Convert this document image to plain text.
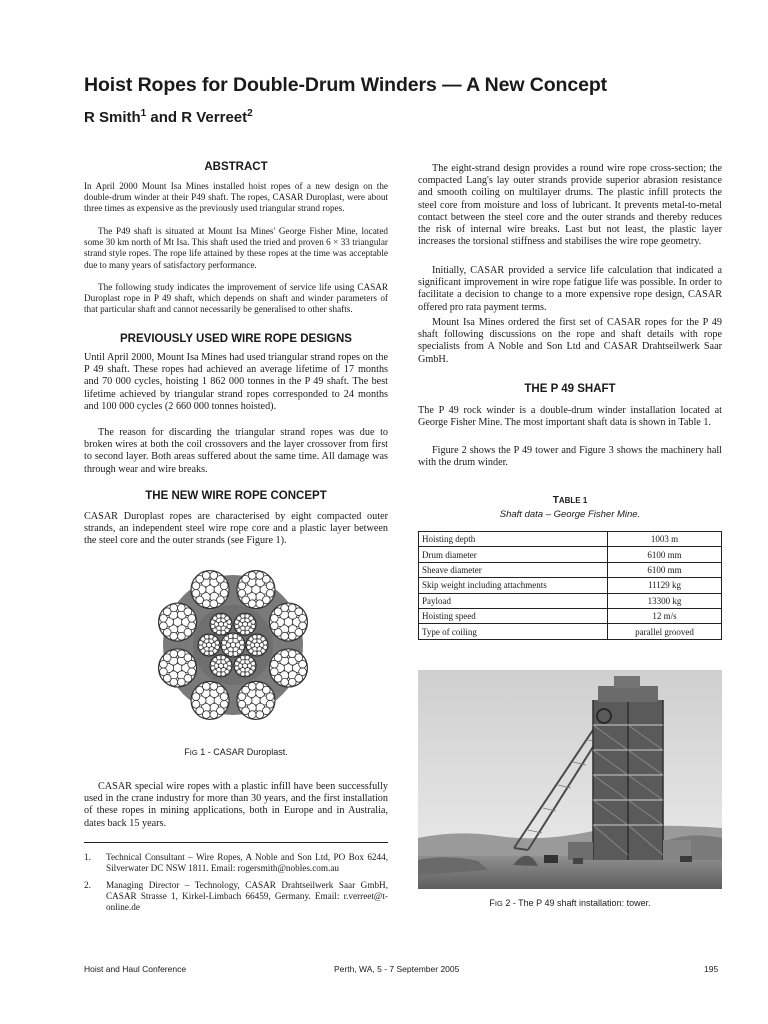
Hoist Ropes for Double-Drum Winders — A New Concept
R Smith$^1$ and R Verreet$^2$
ABSTRACT

In April 2000 Mount Isa Mines installed hoist ropes of a new design on the double-drum winder at their P49 shaft. The ropes, CASAR Duroplast, were about three times as expensive as the previously used triangular strand ropes.

The P49 shaft is situated at Mount Isa Mines' George Fisher Mine, located some 30 km north of Mt Isa. This shaft used the tried and proven 6 × 33 triangular strand style ropes. The rope life attained by these ropes at the time was acceptable due to many years of satisfactory performance.

The following study indicates the improvement of service life using CASAR Duroplast rope in P 49 shaft, which depends on shaft and winder parameters of that particular shaft and cannot necessarily be generalised to other shafts.

PREVIOUSLY USED WIRE ROPE DESIGNS

Until April 2000, Mount Isa Mines had used triangular strand ropes on the P 49 shaft. These ropes had achieved an average lifetime of 17 months and 70 000 cycles, hoisting 1 862 000 tonnes in the P 49 shaft. The best lifetime achieved by triangular strand ropes corresponded to 24 months and 100 000 cycles (2 660 000 tonnes hoisted).

The reason for discarding the triangular strand ropes was due to broken wires at both the coil crossovers and the layer crossover from first to second layer. Both areas suffered about the same time. All damage was through wear and wire breaks.

THE NEW WIRE ROPE CONCEPT

CASAR Duroplast ropes are characterised by eight compacted outer strands, an independent steel wire rope core and a plastic layer between the steel core and the outer strands (see Figure 1).

FIG 1 - CASAR Duroplast.

CASAR special wire ropes with a plastic infill have been successfully used in the crane industry for more than 30 years, and the first installation of these ropes in mining applications, both in Europe and in Australia, dates back 15 years.

1.	Technical Consultant – Wire Ropes, A Noble and Son Ltd, PO Box 6244, Silverwater DC NSW 1811. Email: rogersmith@nobles.com.au
2.	Managing Director – Technology, CASAR Drahtseilwerk Saar GmbH, CASAR Strasse 1, Kirkel-Limbach 66459, Germany. Email: r.verreet@t-online.de

The eight-strand design provides a round wire rope cross-section; the compacted Lang's lay outer strands provide superior abrasion resistance and smooth coiling on multilayer drums. The plastic infill protects the steel core from moisture and loss of lubricant. It prevents metal-to-metal contact between the steel core and the outer strands and thereby reduces the risk of internal wire breaks. Last but not least, the plastic layer increases the torsional stiffness and stabilises the wire rope geometry.

Initially, CASAR provided a service life calculation that indicated a significant improvement in wire rope fatigue life was possible. In order to facilitate a decision to change to a more expensive rope design, CASAR offered pro rata payment terms.

Mount Isa Mines ordered the first set of CASAR ropes for the P 49 shaft following discussions on the rope and shaft details with rope specialists from A Noble and Son Ltd and CASAR Drahtseilwerk Saar GmbH.

THE P 49 SHAFT

The P 49 rock winder is a double-drum winder installation located at George Fisher Mine. The most important shaft data is shown in Table 1.

Figure 2 shows the P 49 tower and Figure 3 shows the machinery hall with the drum winder.

TABLE 1
Shaft data – George Fisher Mine.
Hoisting depth	1003 m
Drum diameter	6100 mm
Sheave diameter	6100 mm
Skip weight including attachments	11129 kg
Payload	13300 kg
Hoisting speed	12 m/s
Type of coiling	parallel grooved

FIG 2 - The P 49 shaft installation: tower.

Hoist and Haul Conference	Perth, WA, 5 - 7 September 2005	195
